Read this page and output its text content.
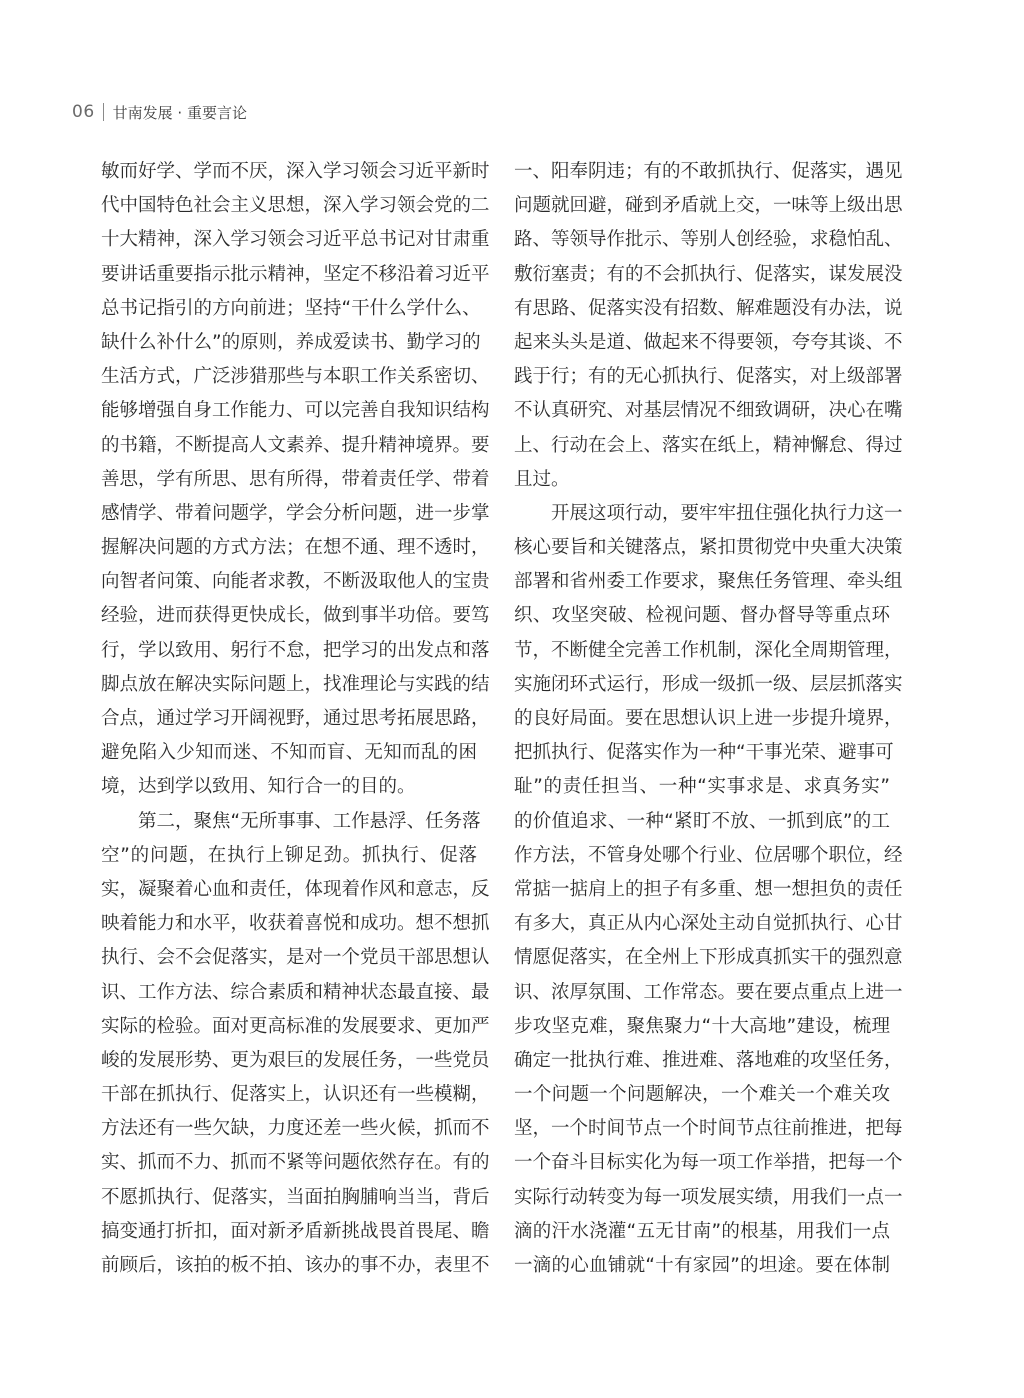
06 甘南发展 · 重要言论
敏而好学、学而不厌，深入学习领会习近平新时
代中国特色社会主义思想，深入学习领会党的二
十大精神，深入学习领会习近平总书记对甘肃重
要讲话重要指示批示精神，坚定不移沿着习近平
总书记指引的方向前进；坚持“干什么学什么、
缺什么补什么”的原则，养成爱读书、勤学习的
生活方式，广泛涉猎那些与本职工作关系密切、
能够增强自身工作能力、可以完善自我知识结构
的书籍，不断提高人文素养、提升精神境界。要
善思，学有所思、思有所得，带着责任学、带着
感情学、带着问题学，学会分析问题，进一步掌
握解决问题的方式方法；在想不通、理不透时，
向智者问策、向能者求教，不断汲取他人的宝贵
经验，进而获得更快成长，做到事半功倍。要笃
行，学以致用、躬行不怠，把学习的出发点和落
脚点放在解决实际问题上，找准理论与实践的结
合点，通过学习开阔视野，通过思考拓展思路，
避免陷入少知而迷、不知而盲、无知而乱的困
境，达到学以致用、知行合一的目的。
第二，聚焦“无所事事、工作悬浮、任务落
空”的问题，在执行上铆足劲。抓执行、促落
实，凝聚着心血和责任，体现着作风和意志，反
映着能力和水平，收获着喜悦和成功。想不想抓
执行、会不会促落实，是对一个党员干部思想认
识、工作方法、综合素质和精神状态最直接、最
实际的检验。面对更高标准的发展要求、更加严
峻的发展形势、更为艰巨的发展任务，一些党员
干部在抓执行、促落实上，认识还有一些模糊，
方法还有一些欠缺，力度还差一些火候，抓而不
实、抓而不力、抓而不紧等问题依然存在。有的
不愿抓执行、促落实，当面拍胸脯响当当，背后
搞变通打折扣，面对新矛盾新挑战畏首畏尾、瞻
前顾后，该拍的板不拍、该办的事不办，表里不
一、阳奉阴违；有的不敢抓执行、促落实，遇见
问题就回避，碰到矛盾就上交，一味等上级出思
路、等领导作批示、等别人创经验，求稳怕乱、
敷衍塞责；有的不会抓执行、促落实，谋发展没
有思路、促落实没有招数、解难题没有办法，说
起来头头是道、做起来不得要领，夸夸其谈、不
践于行；有的无心抓执行、促落实，对上级部署
不认真研究、对基层情况不细致调研，决心在嘴
上、行动在会上、落实在纸上，精神懈怠、得过
且过。
开展这项行动，要牢牢扭住强化执行力这一
核心要旨和关键落点，紧扣贯彻党中央重大决策
部署和省州委工作要求，聚焦任务管理、牵头组
织、攻坚突破、检视问题、督办督导等重点环
节，不断健全完善工作机制，深化全周期管理，
实施闭环式运行，形成一级抓一级、层层抓落实
的良好局面。要在思想认识上进一步提升境界，
把抓执行、促落实作为一种“干事光荣、避事可
耻”的责任担当、一种“实事求是、求真务实”
的价值追求、一种“紧盯不放、一抓到底”的工
作方法，不管身处哪个行业、位居哪个职位，经
常掂一掂肩上的担子有多重、想一想担负的责任
有多大，真正从内心深处主动自觉抓执行、心甘
情愿促落实，在全州上下形成真抓实干的强烈意
识、浓厚氛围、工作常态。要在要点重点上进一
步攻坚克难，聚焦聚力“十大高地”建设，梳理
确定一批执行难、推进难、落地难的攻坚任务，
一个问题一个问题解决，一个难关一个难关攻
坚，一个时间节点一个时间节点往前推进，把每
一个奋斗目标实化为每一项工作举措，把每一个
实际行动转变为每一项发展实绩，用我们一点一
滴的汗水浇灌“五无甘南”的根基，用我们一点
一滴的心血铺就“十有家园”的坦途。要在体制
